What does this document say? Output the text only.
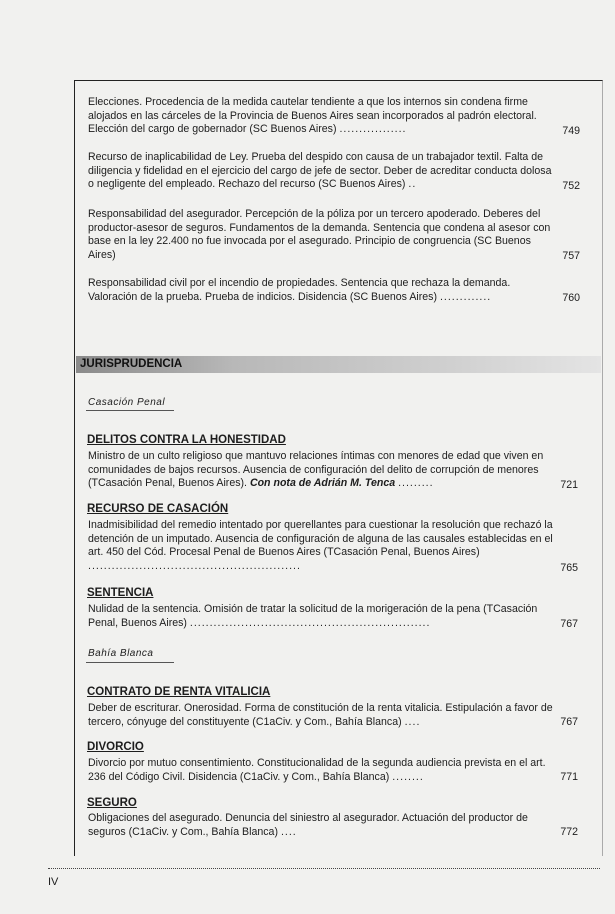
Elecciones. Procedencia de la medida cautelar tendiente a que los internos sin condena firme alojados en las cárceles de la Provincia de Buenos Aires sean incorporados al padrón electoral. Elección del cargo de gobernador (SC Buenos Aires) .................	749
Recurso de inaplicabilidad de Ley. Prueba del despido con causa de un trabajador textil. Falta de diligencia y fidelidad en el ejercicio del cargo de jefe de sector. Deber de acreditar conducta dolosa o negligente del empleado. Rechazo del recurso (SC Buenos Aires) ..	752
Responsabilidad del asegurador. Percepción de la póliza por un tercero apoderado. Deberes del productor-asesor de seguros. Fundamentos de la demanda. Sentencia que condena al asesor con base en la ley 22.400 no fue invocada por el asegurado. Principio de congruencia (SC Buenos Aires)	757
Responsabilidad civil por el incendio de propiedades. Sentencia que rechaza la demanda. Valoración de la prueba. Prueba de indicios. Disidencia (SC Buenos Aires) .............	760
JURISPRUDENCIA
Casación Penal
DELITOS CONTRA LA HONESTIDAD
Ministro de un culto religioso que mantuvo relaciones íntimas con menores de edad que viven en comunidades de bajos recursos. Ausencia de configuración del delito de corrupción de menores (TCasación Penal, Buenos Aires). Con nota de Adrián M. Tenca .........	721
RECURSO DE CASACIÓN
Inadmisibilidad del remedio intentado por querellantes para cuestionar la resolución que rechazó la detención de un imputado. Ausencia de configuración de alguna de las causales establecidas en el art. 450 del Cód. Procesal Penal de Buenos Aires (TCasación Penal, Buenos Aires) ......................................................	765
SENTENCIA
Nulidad de la sentencia. Omisión de tratar la solicitud de la morigeración de la pena (TCasación Penal, Buenos Aires) .............................................................	767
Bahía Blanca
CONTRATO DE RENTA VITALICIA
Deber de escriturar. Onerosidad. Forma de constitución de la renta vitalicia. Estipulación a favor de tercero, cónyuge del constituyente (C1aCiv. y Com., Bahía Blanca) ....	767
DIVORCIO
Divorcio por mutuo consentimiento. Constitucionalidad de la segunda audiencia prevista en el art. 236 del Código Civil. Disidencia (C1aCiv. y Com., Bahía Blanca) ........	771
SEGURO
Obligaciones del asegurado. Denuncia del siniestro al asegurador. Actuación del productor de seguros (C1aCiv. y Com., Bahía Blanca) ....	772
IV
